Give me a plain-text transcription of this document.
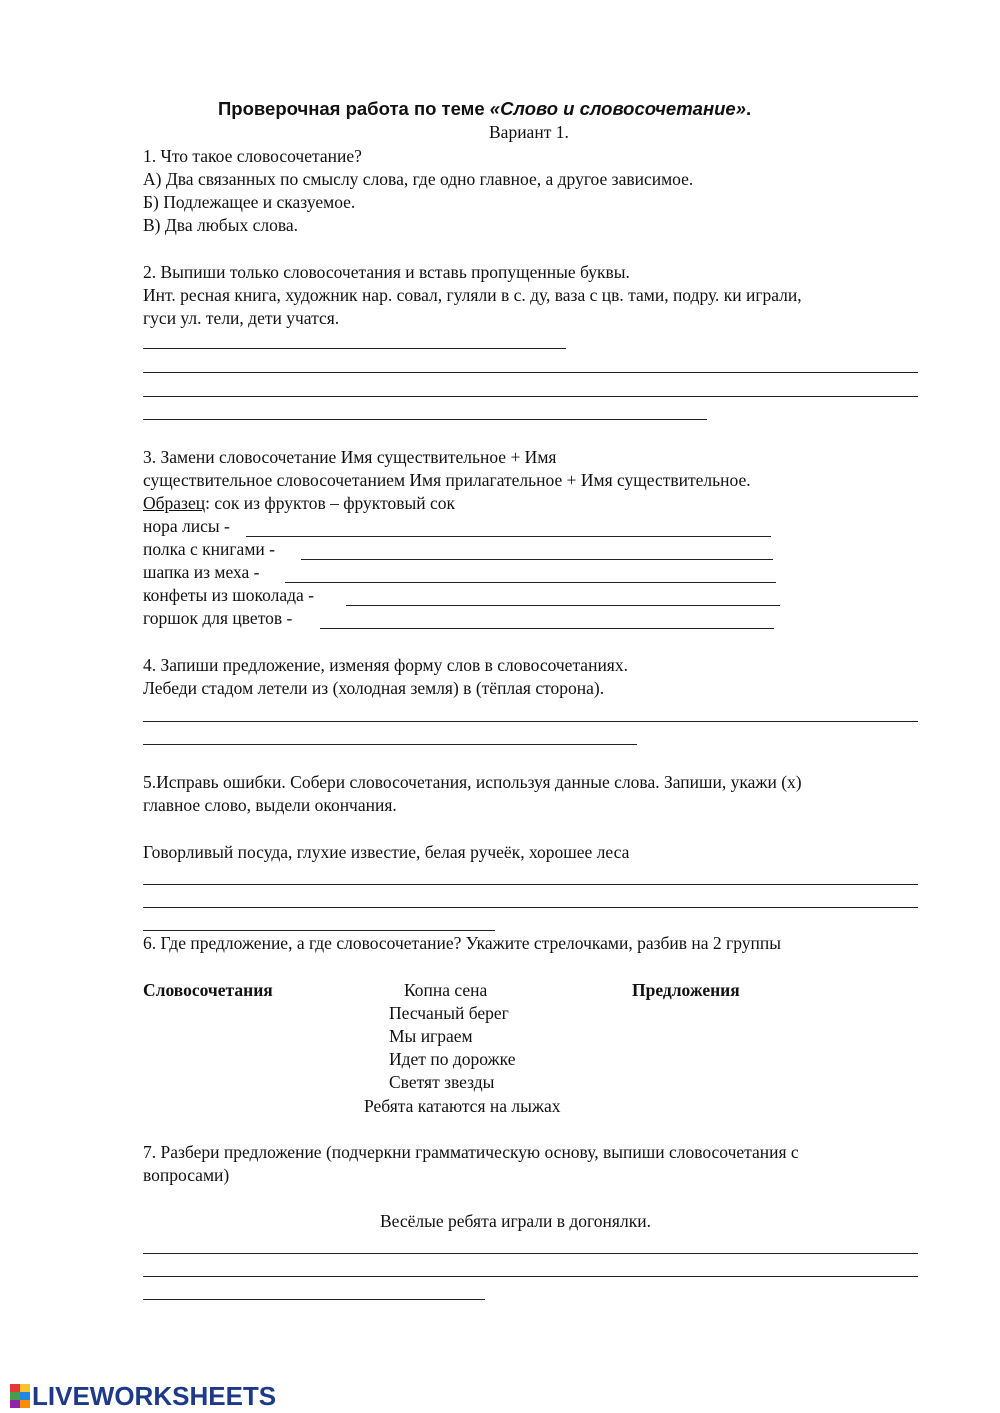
Проверочная работа по теме «Слово и словосочетание».
Вариант 1.
1. Что такое словосочетание?
А) Два связанных по смыслу слова, где одно главное, а другое зависимое.
Б) Подлежащее и сказуемое.
В) Два любых слова.
2. Выпиши только словосочетания и вставь пропущенные буквы.
Инт. ресная книга, художник нар. совал, гуляли в с. ду, ваза с цв. тами, подру. ки играли,
гуси ул. тели, дети учатся.
3. Замени словосочетание Имя существительное + Имя
существительное словосочетанием Имя прилагательное + Имя существительное.
Образец: сок из фруктов – фруктовый сок
нора лисы -
полка с книгами -
шапка из меха -
конфеты из шоколада -
горшок для цветов -
4. Запиши предложение, изменяя форму слов в словосочетаниях.
Лебеди стадом летели из (холодная земля) в (тёплая сторона).
5.Исправь ошибки. Собери словосочетания, используя данные слова. Запиши, укажи (х)
главное слово, выдели окончания.
Говорливый посуда, глухие известие, белая ручеёк, хорошее леса
6. Где предложение, а где словосочетание? Укажите стрелочками, разбив на 2 группы
Словосочетания	Предложения
Копна сена
Песчаный берег
Мы играем
Идет по дорожке
Светят звезды
Ребята катаются на лыжах
7. Разбери предложение (подчеркни грамматическую основу, выпиши словосочетания с
вопросами)
Весёлые ребята играли в догонялки.
LIVEWORKSHEETS
